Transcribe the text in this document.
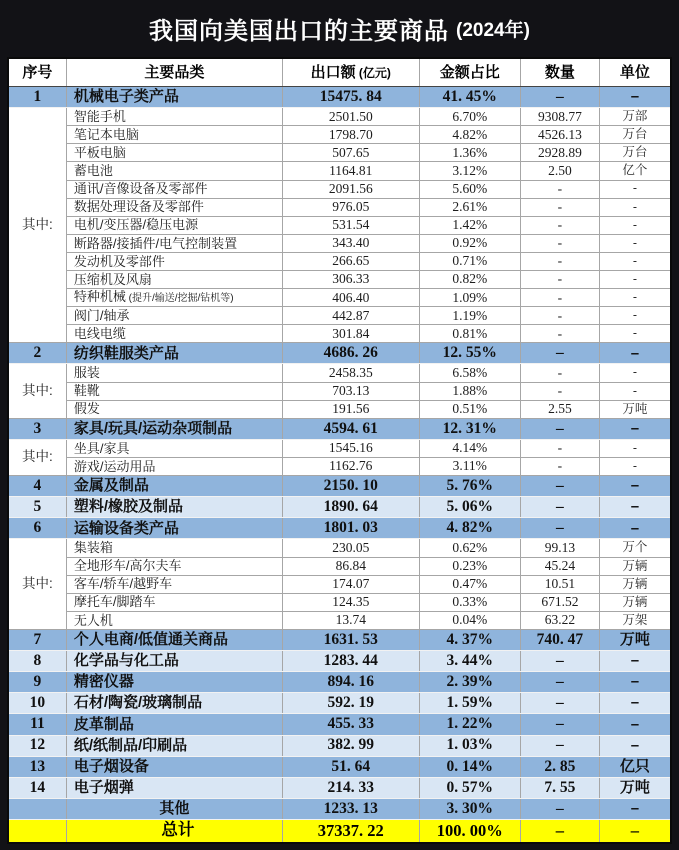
我国向美国出口的主要商品 (2024年)
序号	主要品类	出口额 (亿元)	金额占比	数量	单位
1	机械电子类产品	15475. 84	41. 45%	–	–
其中:	智能手机	2501.50	6.70%	9308.77	万部
	笔记本电脑	1798.70	4.82%	4526.13	万台
	平板电脑	507.65	1.36%	2928.89	万台
	蓄电池	1164.81	3.12%	2.50	亿个
	通讯/音像设备及零部件	2091.56	5.60%	-	-
	数据处理设备及零部件	976.05	2.61%	-	-
	电机/变压器/稳压电源	531.54	1.42%	-	-
	断路器/接插件/电气控制装置	343.40	0.92%	-	-
	发动机及零部件	266.65	0.71%	-	-
	压缩机及风扇	306.33	0.82%	-	-
	特种机械 (提升/输送/挖掘/钻机等)	406.40	1.09%	-	-
	阀门/轴承	442.87	1.19%	-	-
	电线电缆	301.84	0.81%	-	-
2	纺织鞋服类产品	4686. 26	12. 55%	–	–
其中:	服装	2458.35	6.58%	-	-
	鞋靴	703.13	1.88%	-	-
	假发	191.56	0.51%	2.55	万吨
3	家具/玩具/运动杂项制品	4594. 61	12. 31%	–	–
其中:	坐具/家具	1545.16	4.14%	-	-
	游戏/运动用品	1162.76	3.11%	-	-
4	金属及制品	2150. 10	5. 76%	–	–
5	塑料/橡胶及制品	1890. 64	5. 06%	–	–
6	运输设备类产品	1801. 03	4. 82%	–	–
其中:	集装箱	230.05	0.62%	99.13	万个
	全地形车/高尔夫车	86.84	0.23%	45.24	万辆
	客车/轿车/越野车	174.07	0.47%	10.51	万辆
	摩托车/脚踏车	124.35	0.33%	671.52	万辆
	无人机	13.74	0.04%	63.22	万架
7	个人电商/低值通关商品	1631. 53	4. 37%	740. 47	万吨
8	化学品与化工品	1283. 44	3. 44%	–	–
9	精密仪器	894. 16	2. 39%	–	–
10	石材/陶瓷/玻璃制品	592. 19	1. 59%	–	–
11	皮革制品	455. 33	1. 22%	–	–
12	纸/纸制品/印刷品	382. 99	1. 03%	–	–
13	电子烟设备	51. 64	0. 14%	2. 85	亿只
14	电子烟弹	214. 33	0. 57%	7. 55	万吨
	其他	1233. 13	3. 30%	–	–
	总计	37337. 22	100. 00%	–	–
